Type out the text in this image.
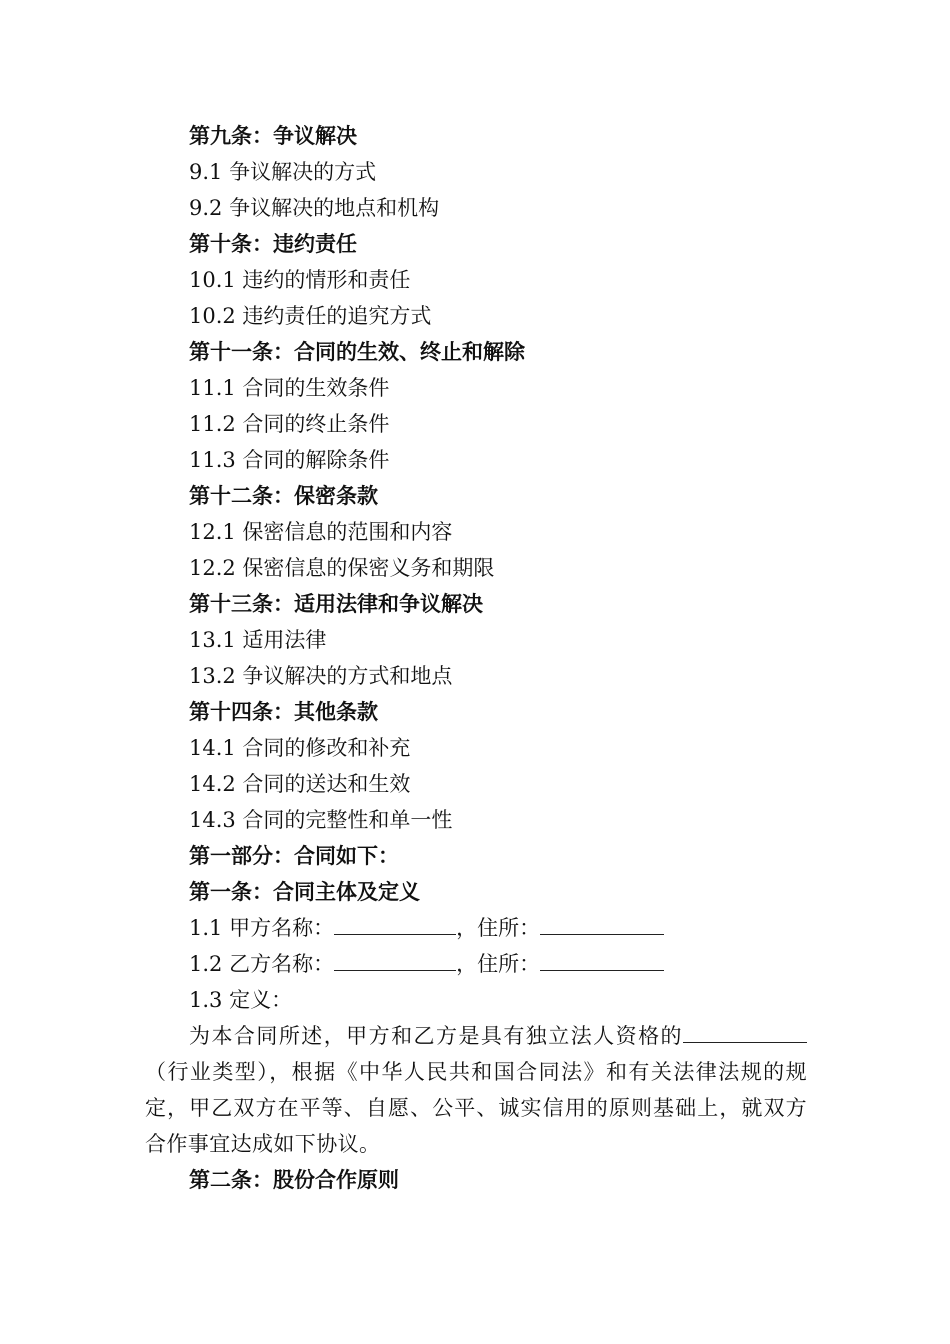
第九条：争议解决

9.1 争议解决的方式

9.2 争议解决的地点和机构

第十条：违约责任

10.1 违约的情形和责任

10.2 违约责任的追究方式

第十一条：合同的生效、终止和解除

11.1 合同的生效条件

11.2 合同的终止条件

11.3 合同的解除条件

第十二条：保密条款

12.1 保密信息的范围和内容

12.2 保密信息的保密义务和期限

第十三条：适用法律和争议解决

13.1 适用法律

13.2 争议解决的方式和地点

第十四条：其他条款

14.1 合同的修改和补充

14.2 合同的送达和生效

14.3 合同的完整性和单一性

第一部分：合同如下：

第一条：合同主体及定义

1.1 甲方名称：	，住所：

1.2 乙方名称：	，住所：

1.3 定义：

为本合同所述，甲方和乙方是具有独立法人资格的（行业类型），根据《中华人民共和国合同法》和有关法律法规的规定，甲乙双方在平等、自愿、公平、诚实信用的原则基础上，就双方合作事宜达成如下协议。

第二条：股份合作原则
